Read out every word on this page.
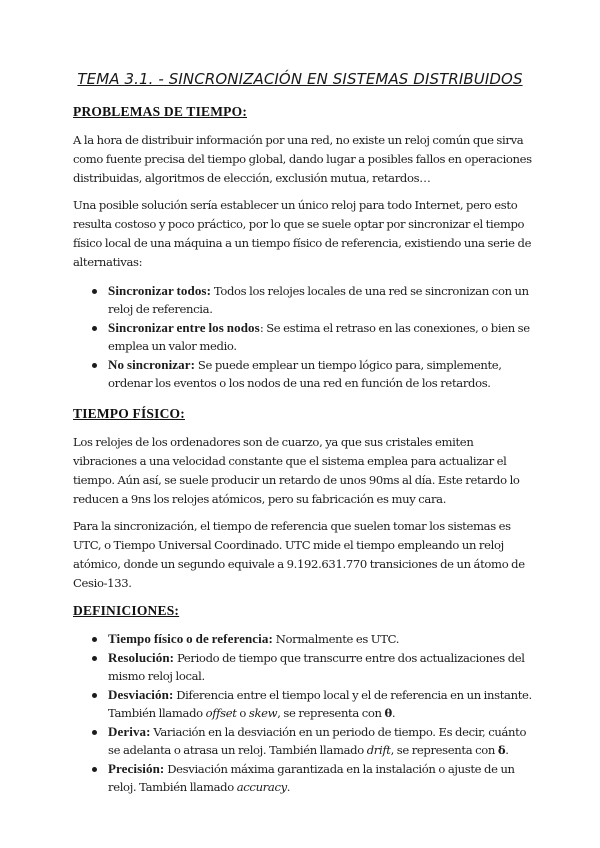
TEMA 3.1. - SINCRONIZACIÓN EN SISTEMAS DISTRIBUIDOS
PROBLEMAS DE TIEMPO:

A la hora de distribuir información por una red, no existe un reloj común que sirva como fuente precisa del tiempo global, dando lugar a posibles fallos en operaciones distribuidas, algoritmos de elección, exclusión mutua, retardos…

Una posible solución sería establecer un único reloj para todo Internet, pero esto resulta costoso y poco práctico, por lo que se suele optar por sincronizar el tiempo físico local de una máquina a un tiempo físico de referencia, existiendo una serie de alternativas:

Sincronizar todos: Todos los relojes locales de una red se sincronizan con un reloj de referencia.
Sincronizar entre los nodos: Se estima el retraso en las conexiones, o bien se emplea un valor medio.
No sincronizar: Se puede emplear un tiempo lógico para, simplemente, ordenar los eventos o los nodos de una red en función de los retardos.
TIEMPO FÍSICO:

Los relojes de los ordenadores son de cuarzo, ya que sus cristales emiten vibraciones a una velocidad constante que el sistema emplea para actualizar el tiempo. Aún así, se suele producir un retardo de unos 90ms al día. Este retardo lo reducen a 9ns los relojes atómicos, pero su fabricación es muy cara.

Para la sincronización, el tiempo de referencia que suelen tomar los sistemas es UTC, o Tiempo Universal Coordinado. UTC mide el tiempo empleando un reloj atómico, donde un segundo equivale a 9.192.631.770 transiciones de un átomo de Cesio-133.

DEFINICIONES:
Tiempo físico o de referencia: Normalmente es UTC.
Resolución: Periodo de tiempo que transcurre entre dos actualizaciones del mismo reloj local.
Desviación: Diferencia entre el tiempo local y el de referencia en un instante. También llamado offset o skew, se representa con θ.
Deriva: Variación en la desviación en un periodo de tiempo. Es decir, cuánto se adelanta o atrasa un reloj. También llamado drift, se representa con δ.
Precisión: Desviación máxima garantizada en la instalación o ajuste de un reloj. También llamado accuracy.
